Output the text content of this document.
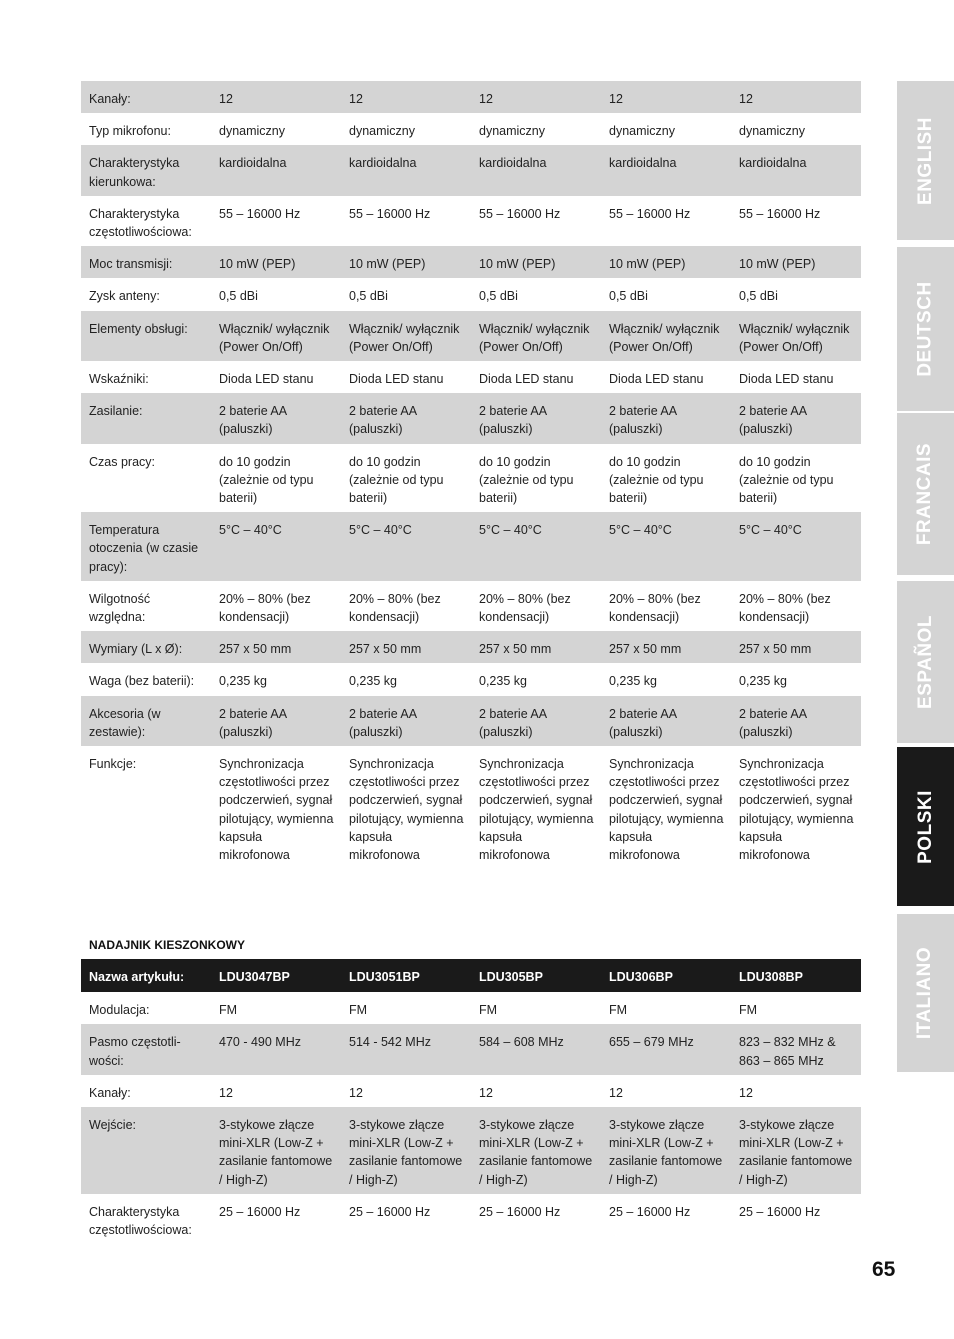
Kanały:	12	12	12	12	12
Typ mikrofonu:	dynamiczny	dynamiczny	dynamiczny	dynamiczny	dynamiczny
Charakterystyka kierunkowa:	kardioidalna	kardioidalna	kardioidalna	kardioidalna	kardioidalna
Charakterystyka częstotliwościowa:	55 – 16000 Hz	55 – 16000 Hz	55 – 16000 Hz	55 – 16000 Hz	55 – 16000 Hz
Moc transmisji:	10 mW (PEP)	10 mW (PEP)	10 mW (PEP)	10 mW (PEP)	10 mW (PEP)
Zysk anteny:	0,5 dBi	0,5 dBi	0,5 dBi	0,5 dBi	0,5 dBi
Elementy obsługi:	Włącznik/ wyłącznik (Power On/Off)	Włącznik/ wyłącznik (Power On/Off)	Włącznik/ wyłącznik (Power On/Off)	Włącznik/ wyłącznik (Power On/Off)	Włącznik/ wyłącznik (Power On/Off)
Wskaźniki:	Dioda LED stanu	Dioda LED stanu	Dioda LED stanu	Dioda LED stanu	Dioda LED stanu
Zasilanie:	2 baterie AA (paluszki)	2 baterie AA (paluszki)	2 baterie AA (paluszki)	2 baterie AA (paluszki)	2 baterie AA (paluszki)
Czas pracy:	do 10 godzin (zależnie od typu baterii)	do 10 godzin (zależnie od typu baterii)	do 10 godzin (zależnie od typu baterii)	do 10 godzin (zależnie od typu baterii)	do 10 godzin (zależnie od typu baterii)
Temperatura otoczenia (w czasie pracy):	5°C – 40°C	5°C – 40°C	5°C – 40°C	5°C – 40°C	5°C – 40°C
Wilgotność względna:	20% – 80% (bez kondensacji)	20% – 80% (bez kondensacji)	20% – 80% (bez kondensacji)	20% – 80% (bez kondensacji)	20% – 80% (bez kondensacji)
Wymiary (L x Ø):	257 x 50 mm	257 x 50 mm	257 x 50 mm	257 x 50 mm	257 x 50 mm
Waga (bez baterii):	0,235 kg	0,235 kg	0,235 kg	0,235 kg	0,235 kg
Akcesoria (w zestawie):	2 baterie AA (paluszki)	2 baterie AA (paluszki)	2 baterie AA (paluszki)	2 baterie AA (paluszki)	2 baterie AA (paluszki)
Funkcje:	Synchronizacja częstotliwości przez podczerwień, sygnał pilotujący, wymienna kapsuła mikrofonowa	Synchronizacja częstotliwości przez podczerwień, sygnał pilotujący, wymienna kapsuła mikrofonowa	Synchronizacja częstotliwości przez podczerwień, sygnał pilotujący, wymienna kapsuła mikrofonowa	Synchronizacja częstotliwości przez podczerwień, sygnał pilotujący, wymienna kapsuła mikrofonowa	Synchronizacja częstotliwości przez podczerwień, sygnał pilotujący, wymienna kapsuła mikrofonowa
NADAJNIK KIESZONKOWY
Nazwa artykułu:	LDU3047BP	LDU3051BP	LDU305BP	LDU306BP	LDU308BP
Modulacja:	FM	FM	FM	FM	FM
Pasmo częstotli-wości:	470 - 490 MHz	514 - 542 MHz	584 – 608 MHz	655 – 679 MHz	823 – 832 MHz & 863 – 865 MHz
Kanały:	12	12	12	12	12
Wejście:	3-stykowe złącze mini-XLR (Low-Z + zasilanie fantomowe / High-Z)	3-stykowe złącze mini-XLR (Low-Z + zasilanie fantomowe / High-Z)	3-stykowe złącze mini-XLR (Low-Z + zasilanie fantomowe / High-Z)	3-stykowe złącze mini-XLR (Low-Z + zasilanie fantomowe / High-Z)	3-stykowe złącze mini-XLR (Low-Z + zasilanie fantomowe / High-Z)
Charakterystyka częstotliwościowa:	25 – 16000 Hz	25 – 16000 Hz	25 – 16000 Hz	25 – 16000 Hz	25 – 16000 Hz
ENGLISH
DEUTSCH
FRANCAIS
ESPAÑOL
POLSKI
ITALIANO
65
